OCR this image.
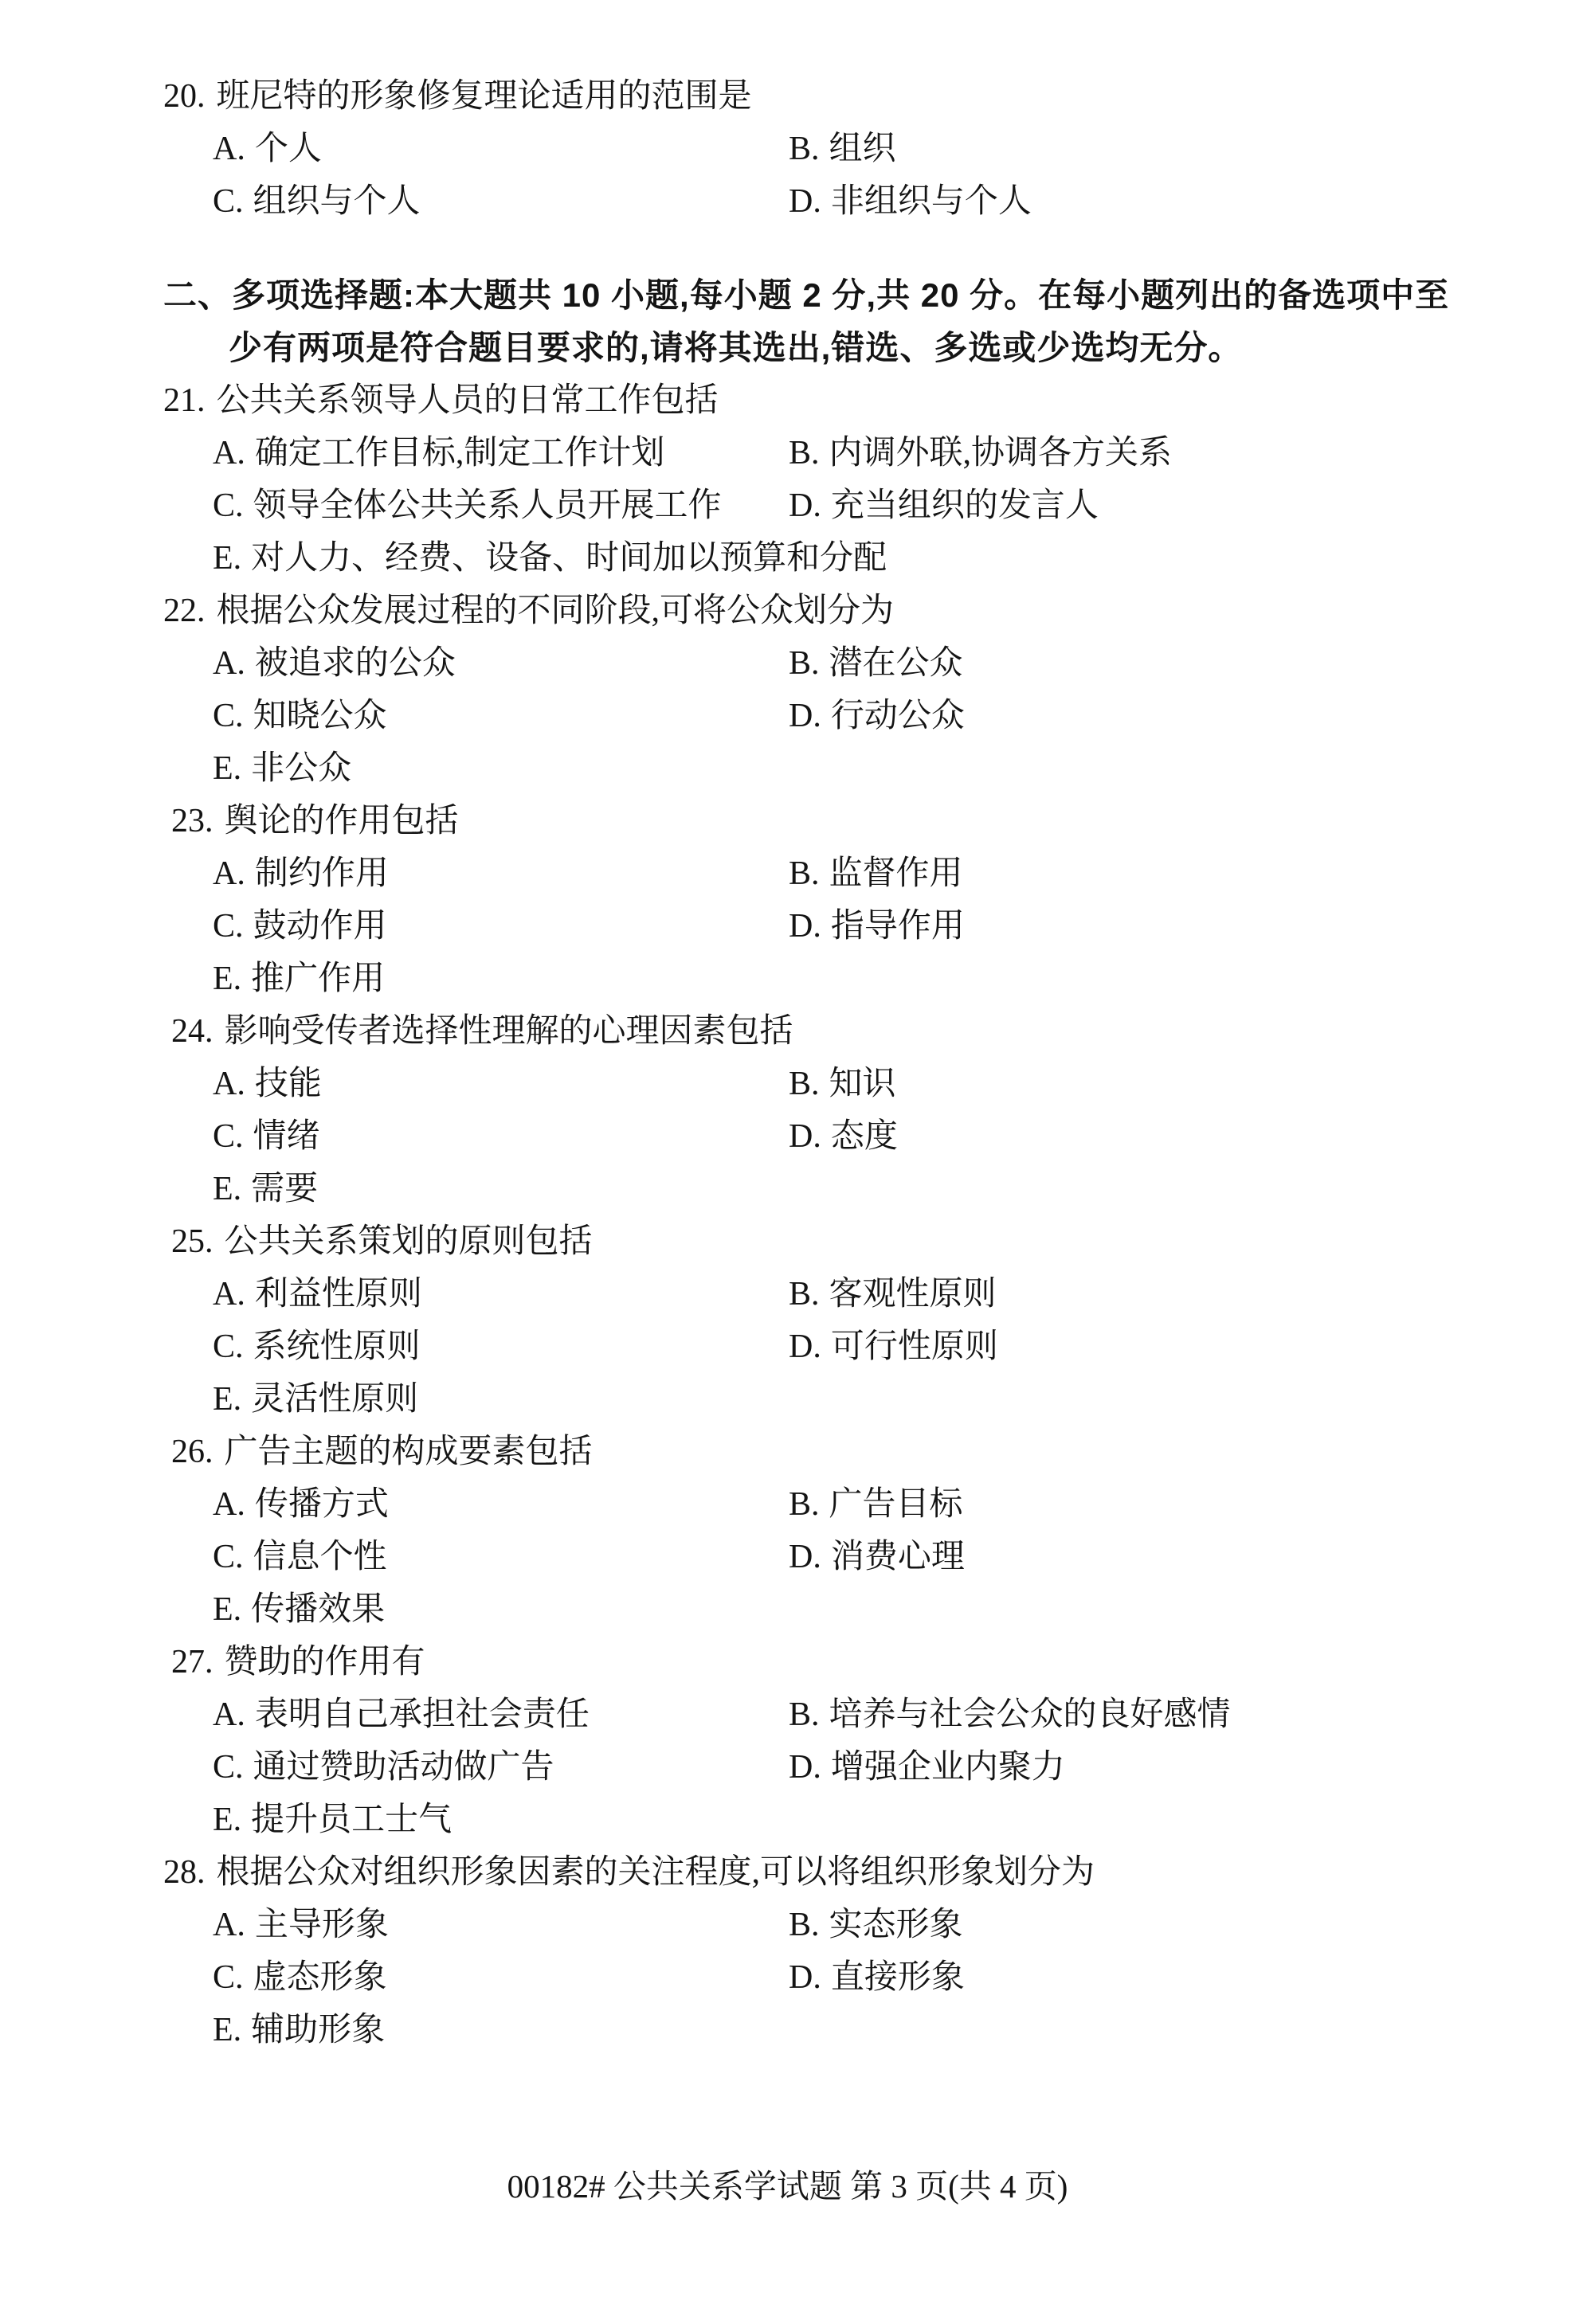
20. 班尼特的形象修复理论适用的范围是
A. 个人	B. 组织
C. 组织与个人	D. 非组织与个人
二、多项选择题:本大题共 10 小题,每小题 2 分,共 20 分。在每小题列出的备选项中至
少有两项是符合题目要求的,请将其选出,错选、多选或少选均无分。
21. 公共关系领导人员的日常工作包括
A. 确定工作目标,制定工作计划	B. 内调外联,协调各方关系
C. 领导全体公共关系人员开展工作	D. 充当组织的发言人
E. 对人力、经费、设备、时间加以预算和分配
22. 根据公众发展过程的不同阶段,可将公众划分为
A. 被追求的公众	B. 潜在公众
C. 知晓公众	D. 行动公众
E. 非公众
23. 舆论的作用包括
A. 制约作用	B. 监督作用
C. 鼓动作用	D. 指导作用
E. 推广作用
24. 影响受传者选择性理解的心理因素包括
A. 技能	B. 知识
C. 情绪	D. 态度
E. 需要
25. 公共关系策划的原则包括
A. 利益性原则	B. 客观性原则
C. 系统性原则	D. 可行性原则
E. 灵活性原则
26. 广告主题的构成要素包括
A. 传播方式	B. 广告目标
C. 信息个性	D. 消费心理
E. 传播效果
27. 赞助的作用有
A. 表明自己承担社会责任	B. 培养与社会公众的良好感情
C. 通过赞助活动做广告	D. 增强企业内聚力
E. 提升员工士气
28. 根据公众对组织形象因素的关注程度,可以将组织形象划分为
A. 主导形象	B. 实态形象
C. 虚态形象	D. 直接形象
E. 辅助形象
00182# 公共关系学试题 第 3 页(共 4 页)
